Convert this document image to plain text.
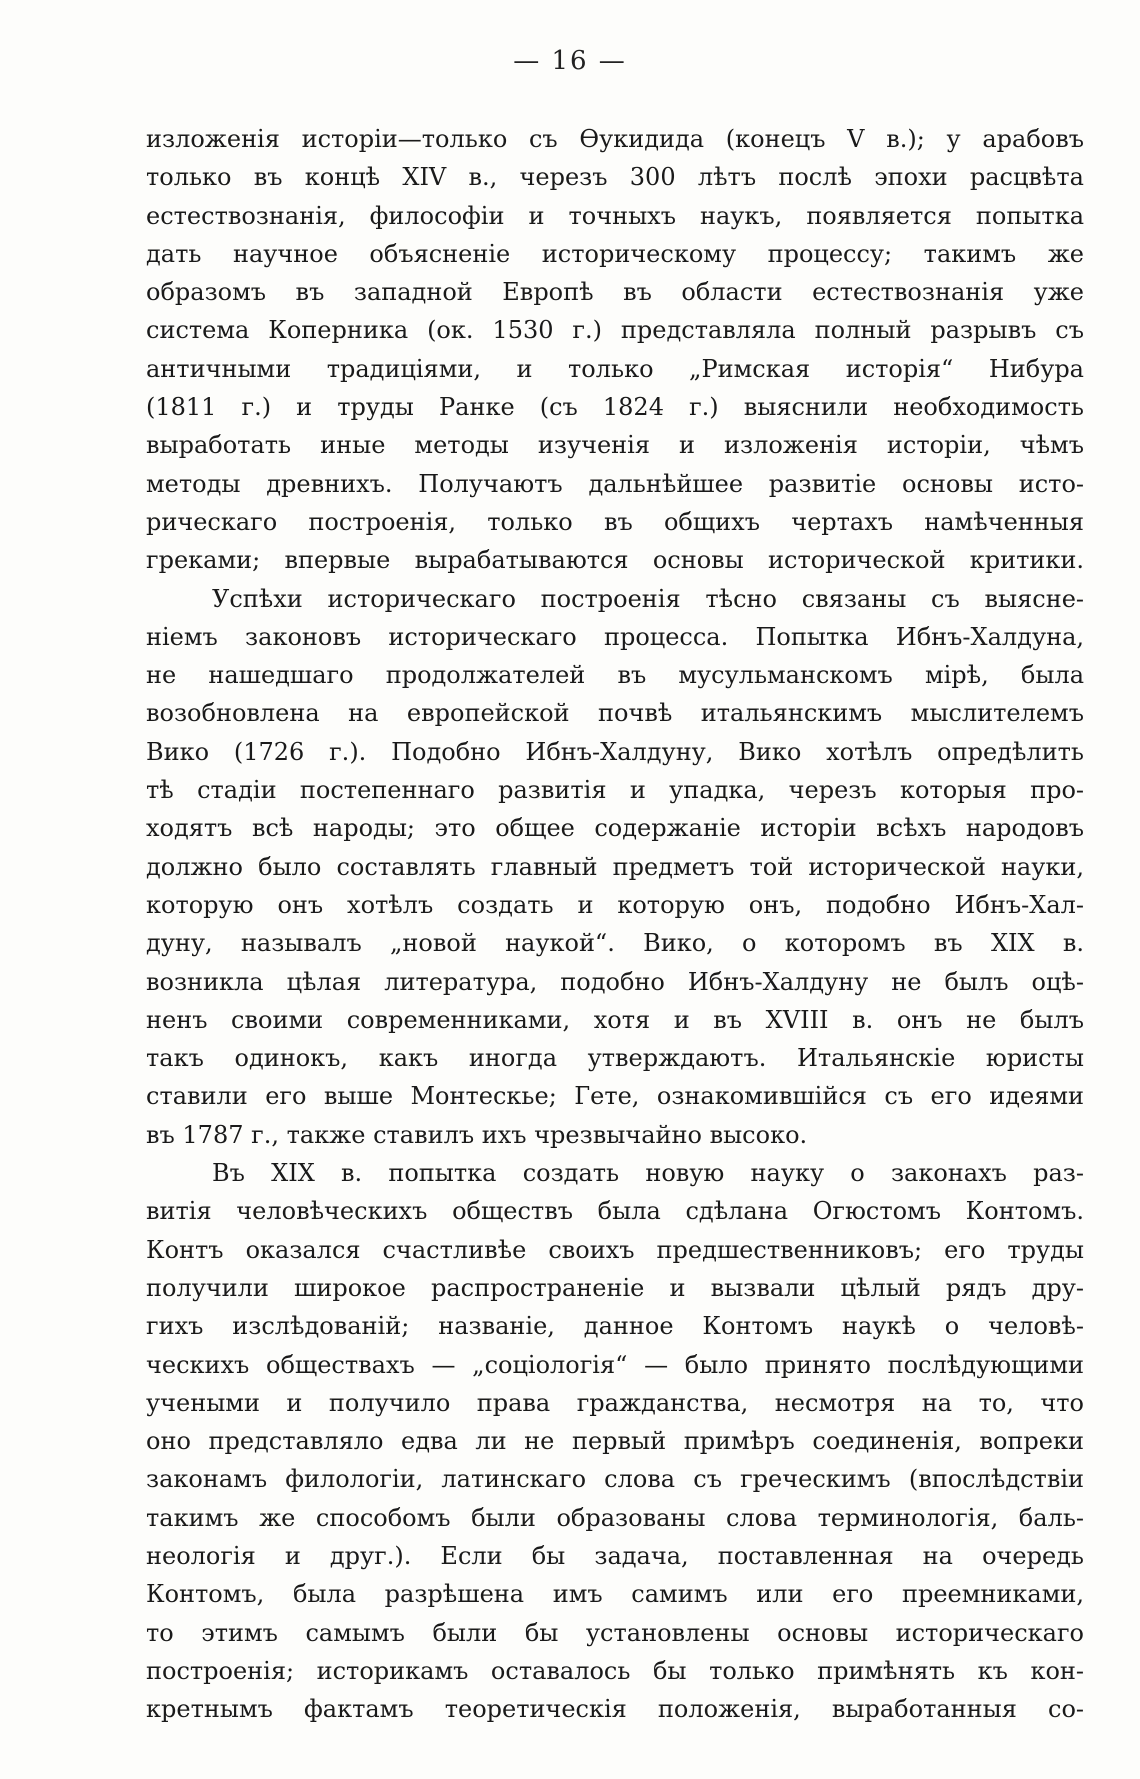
— 16 —
изложенія исторіи—только съ Ѳукидида (конецъ V в.); у арабовъ
только въ концѣ XIV в., черезъ 300 лѣтъ послѣ эпохи расцвѣта
естествознанія, философіи и точныхъ наукъ, появляется попытка
дать научное объясненіе историческому процессу; такимъ же
образомъ въ западной Европѣ въ области естествознанія уже
система Коперника (ок. 1530 г.) представляла полный разрывъ съ
античными традиціями, и только „Римская исторія“ Нибура
(1811 г.) и труды Ранке (съ 1824 г.) выяснили необходимость
выработать иные методы изученія и изложенія исторіи, чѣмъ
методы древнихъ. Получаютъ дальнѣйшее развитіе основы исто-
рическаго построенія, только въ общихъ чертахъ намѣченныя
греками; впервые вырабатываются основы исторической критики.
Успѣхи историческаго построенія тѣсно связаны съ выясне-
ніемъ законовъ историческаго процесса. Попытка Ибнъ-Халдуна,
не нашедшаго продолжателей въ мусульманскомъ мірѣ, была
возобновлена на европейской почвѣ итальянскимъ мыслителемъ
Вико (1726 г.). Подобно Ибнъ-Халдуну, Вико хотѣлъ опредѣлить
тѣ стадіи постепеннаго развитія и упадка, черезъ которыя про-
ходятъ всѣ народы; это общее содержаніе исторіи всѣхъ народовъ
должно было составлять главный предметъ той исторической науки,
которую онъ хотѣлъ создать и которую онъ, подобно Ибнъ-Хал-
дуну, называлъ „новой наукой“. Вико, о которомъ въ XIX в.
возникла цѣлая литература, подобно Ибнъ-Халдуну не былъ оцѣ-
ненъ своими современниками, хотя и въ XVIII в. онъ не былъ
такъ одинокъ, какъ иногда утверждаютъ. Итальянскіе юристы
ставили его выше Монтескье; Гете, ознакомившійся съ его идеями
въ 1787 г., также ставилъ ихъ чрезвычайно высоко.
Въ XIX в. попытка создать новую науку о законахъ раз-
витія человѣческихъ обществъ была сдѣлана Огюстомъ Контомъ.
Контъ оказался счастливѣе своихъ предшественниковъ; его труды
получили широкое распространеніе и вызвали цѣлый рядъ дру-
гихъ изслѣдованій; названіе, данное Контомъ наукѣ о человѣ-
ческихъ обществахъ — „соціологія“ — было принято послѣдующими
учеными и получило права гражданства, несмотря на то, что
оно представляло едва ли не первый примѣръ соединенія, вопреки
законамъ филологіи, латинскаго слова съ греческимъ (впослѣдствіи
такимъ же способомъ были образованы слова терминологія, баль-
неологія и друг.). Если бы задача, поставленная на очередь
Контомъ, была разрѣшена имъ самимъ или его преемниками,
то этимъ самымъ были бы установлены основы историческаго
построенія; историкамъ оставалось бы только примѣнять къ кон-
кретнымъ фактамъ теоретическія положенія, выработанныя со-
